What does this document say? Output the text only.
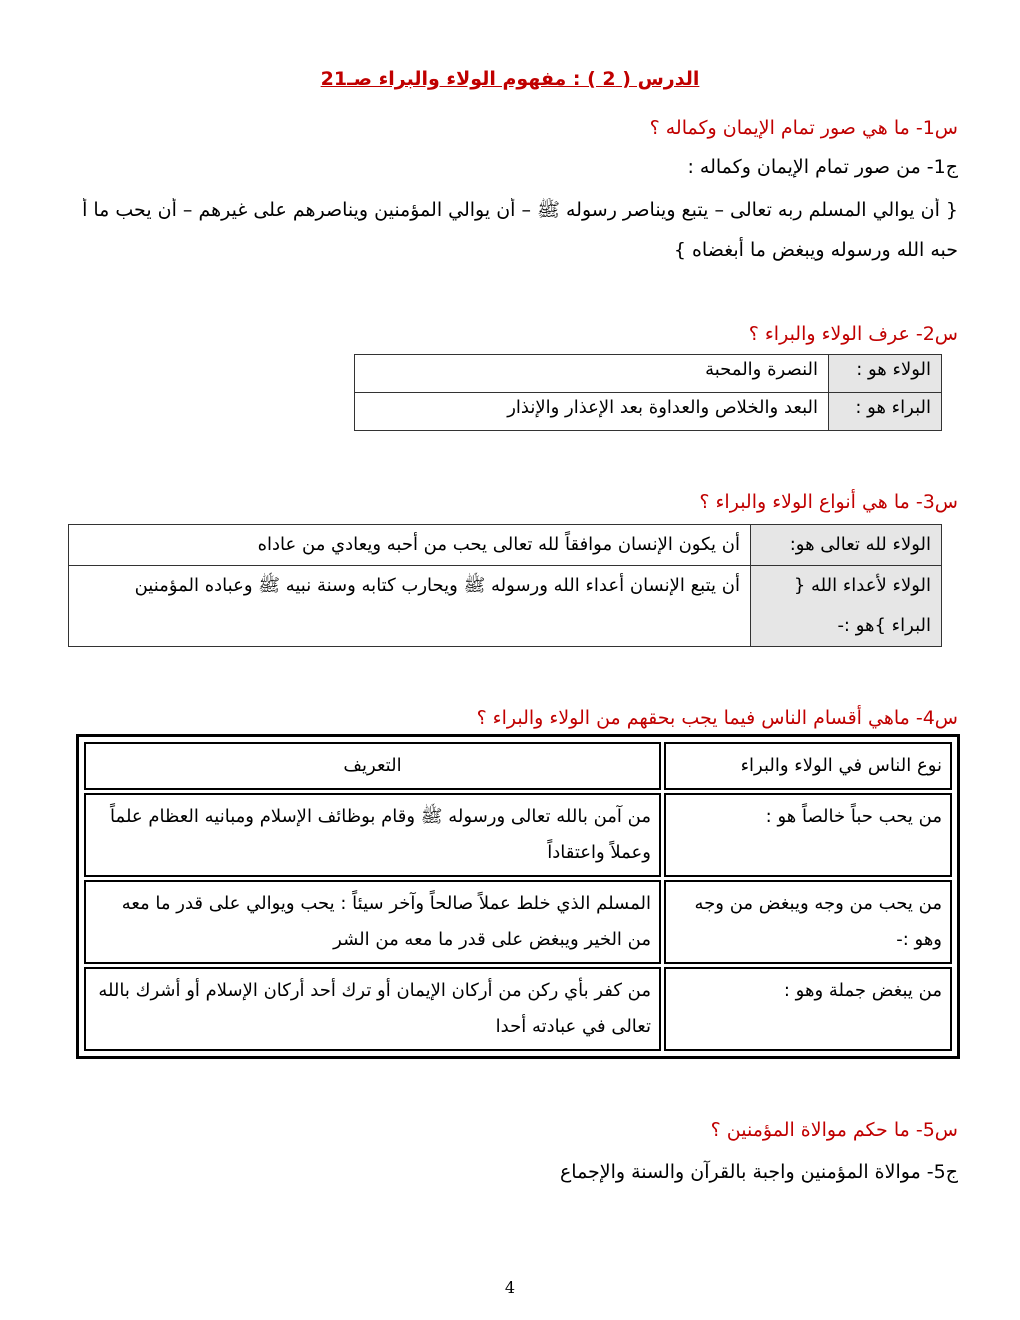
الدرس ( 2 ) : مفهوم الولاء والبراء صـ21
س1- ما هي صور تمام الإيمان وكماله ؟
ج1- من صور تمام الإيمان وكماله :
{ أن يوالي المسلم ربه تعالى – يتبع ويناصر رسوله ﷺ – أن يوالي المؤمنين ويناصرهم على غيرهم – أن يحب ما أ
حبه الله ورسوله ويبغض ما أبغضاه }
س2- عرف الولاء والبراء ؟
الولاء هو :	النصرة والمحبة
البراء هو :	البعد والخلاص والعداوة بعد الإعذار والإنذار
س3- ما هي أنواع الولاء والبراء ؟
الولاء لله تعالى هو:	أن يكون الإنسان موافقاً لله تعالى يحب من أحبه ويعادي من عاداه
الولاء لأعداء الله { البراء }هو :-	أن يتبع الإنسان أعداء الله ورسوله ﷺ ويحارب كتابه وسنة نبيه ﷺ وعباده المؤمنين
س4- ماهي أقسام الناس فيما يجب بحقهم من الولاء والبراء ؟
نوع الناس في الولاء والبراء	التعريف
من يحب حباً خالصاً هو :	من آمن بالله تعالى ورسوله ﷺ وقام بوظائف الإسلام ومبانيه العظام علماً وعملاً واعتقاداً
من يحب من وجه ويبغض من وجه وهو :-	المسلم الذي خلط عملاً صالحاً وآخر سيئاً : يحب ويوالي على قدر ما معه من الخير ويبغض على قدر ما معه من الشر
من يبغض جملة وهو :	من كفر بأي ركن من أركان الإيمان أو ترك أحد أركان الإسلام أو أشرك بالله تعالى في عبادته أحدا
س5- ما حكم موالاة المؤمنين ؟
ج5- موالاة المؤمنين واجبة بالقرآن والسنة والإجماع
4
